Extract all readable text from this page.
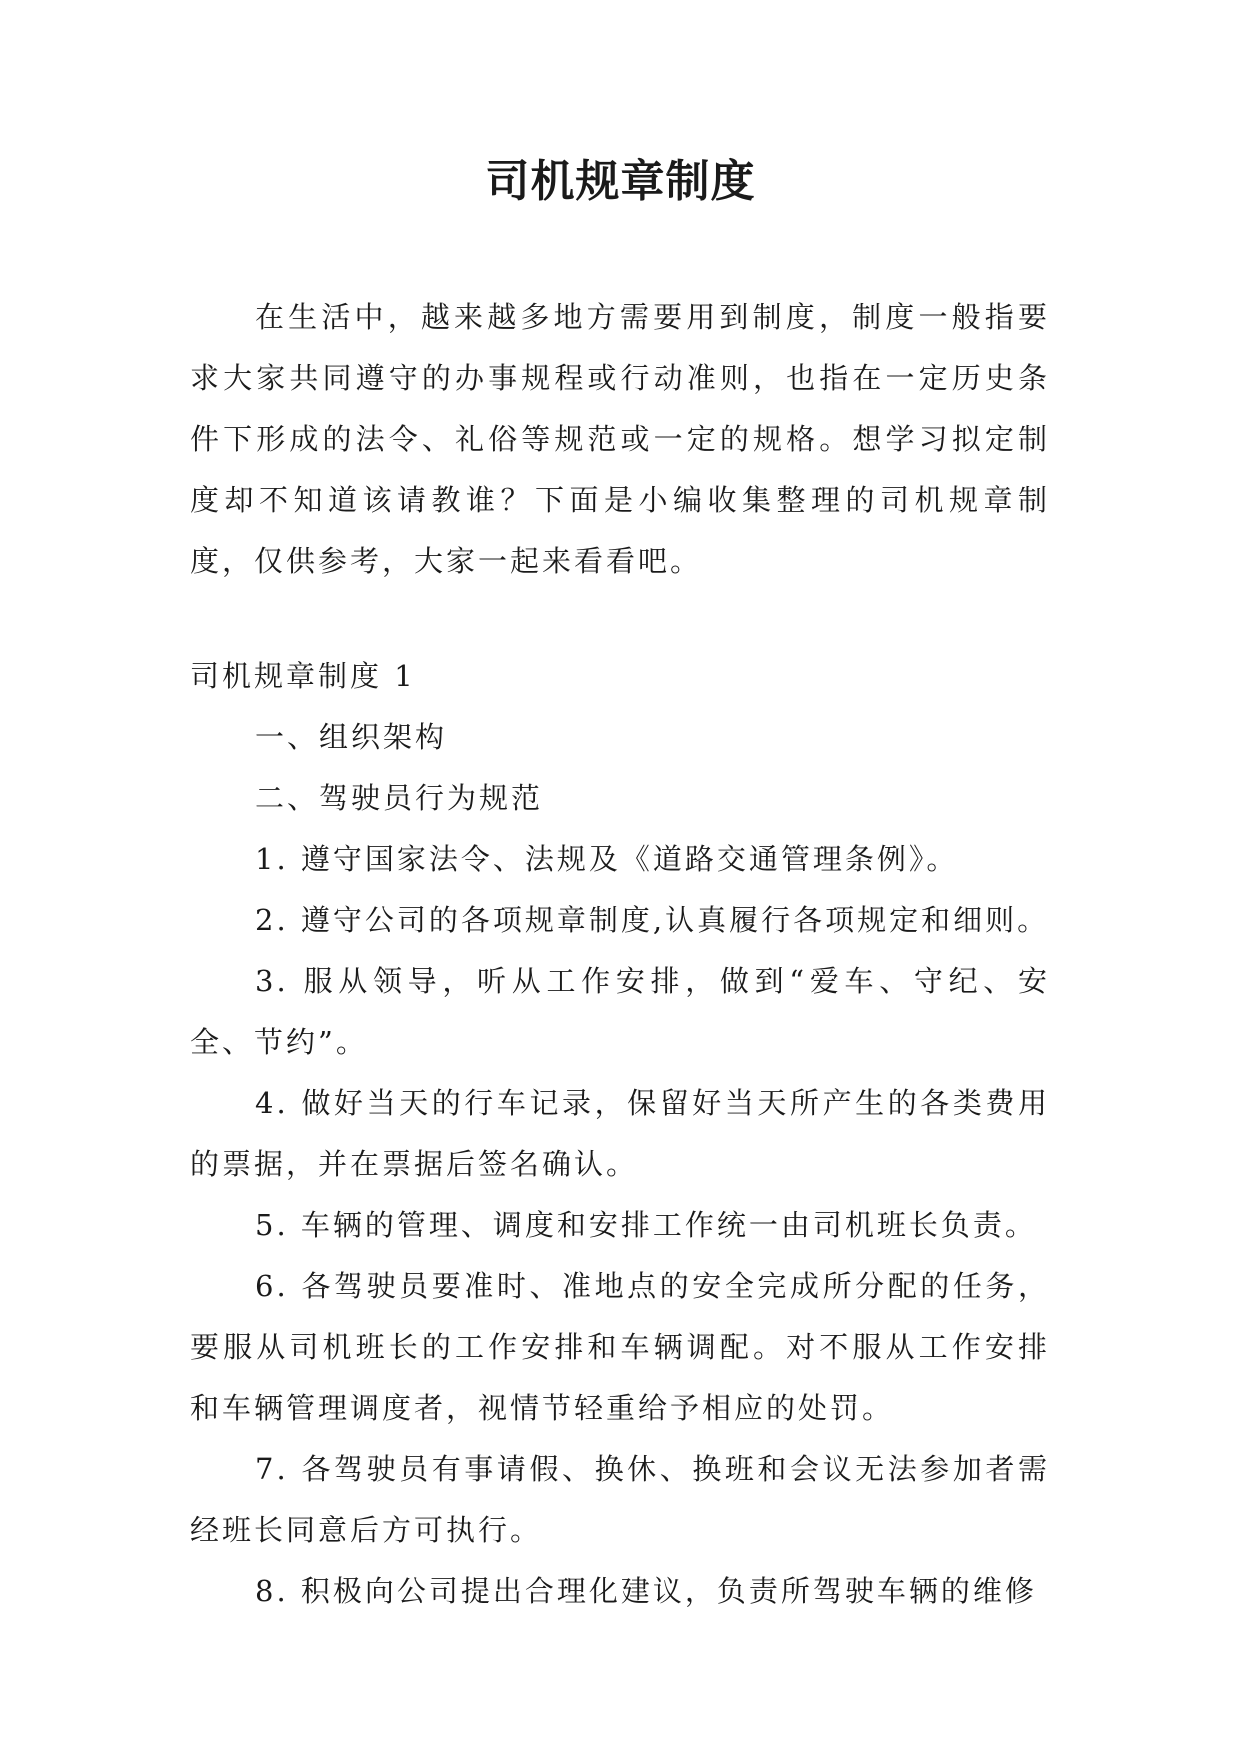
司机规章制度

在生活中，越来越多地方需要用到制度，制度一般指要求大家共同遵守的办事规程或行动准则，也指在一定历史条件下形成的法令、礼俗等规范或一定的规格。想学习拟定制度却不知道该请教谁？下面是小编收集整理的司机规章制度，仅供参考，大家一起来看看吧。

司机规章制度 1

一、组织架构

二、驾驶员行为规范

1. 遵守国家法令、法规及《道路交通管理条例》。

2. 遵守公司的各项规章制度,认真履行各项规定和细则。

3. 服从领导，听从工作安排，做到“爱车、守纪、安全、节约”。

4. 做好当天的行车记录，保留好当天所产生的各类费用的票据，并在票据后签名确认。

5. 车辆的管理、调度和安排工作统一由司机班长负责。

6. 各驾驶员要准时、准地点的安全完成所分配的任务，要服从司机班长的工作安排和车辆调配。对不服从工作安排和车辆管理调度者，视情节轻重给予相应的处罚。

7. 各驾驶员有事请假、换休、换班和会议无法参加者需经班长同意后方可执行。

8. 积极向公司提出合理化建议，负责所驾驶车辆的维修
